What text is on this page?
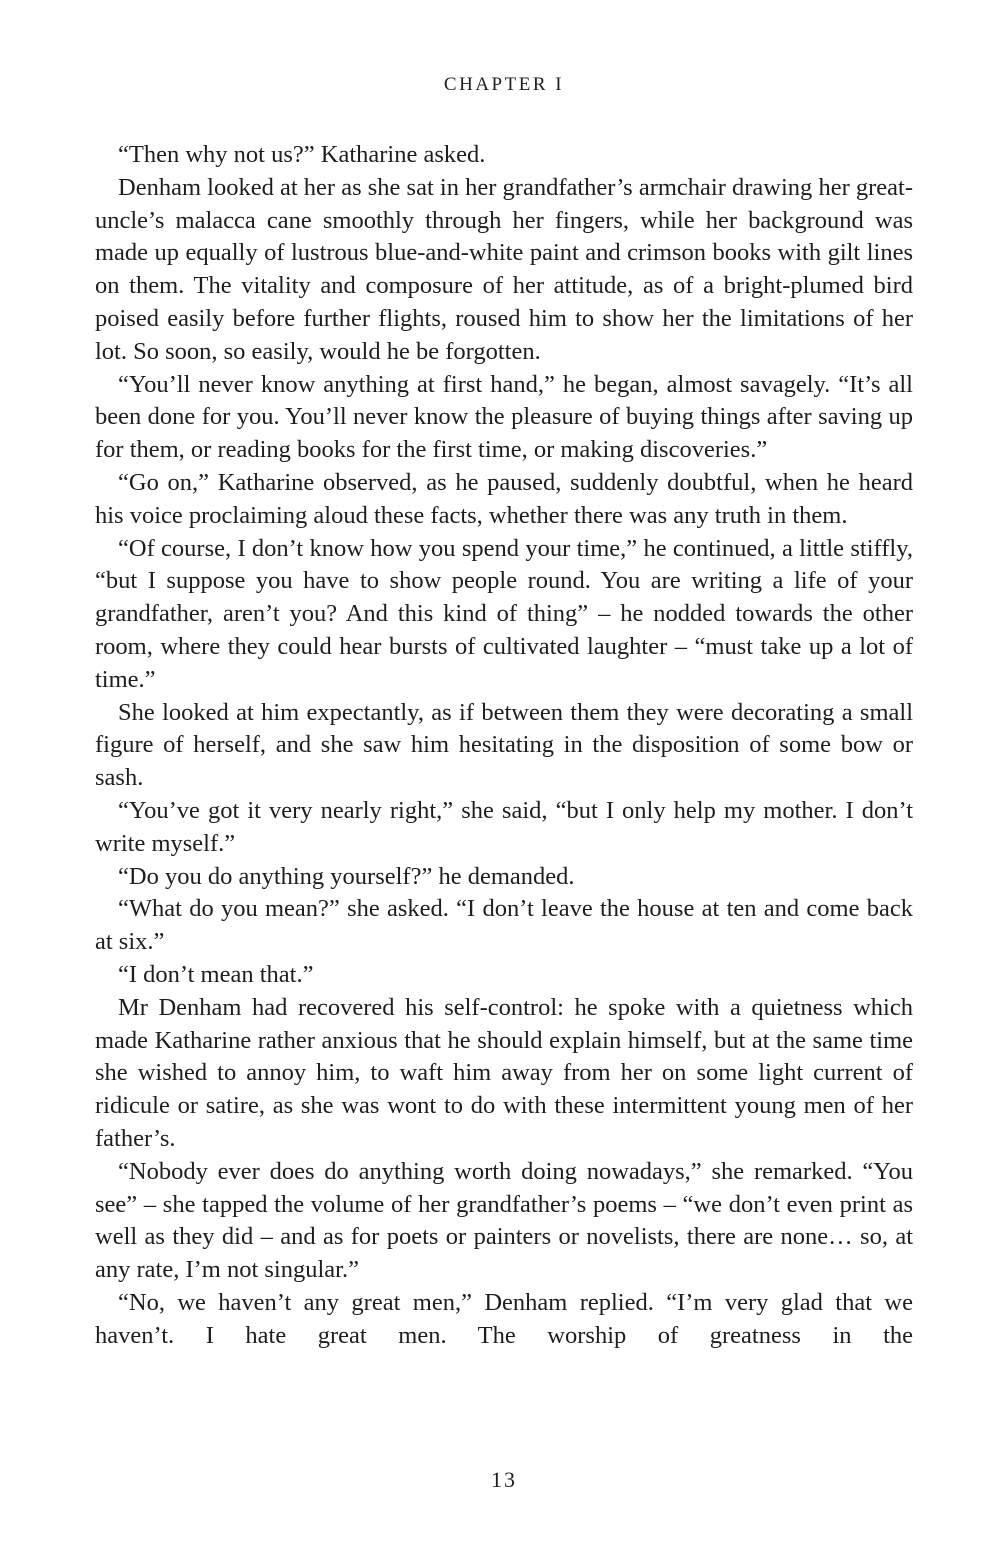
CHAPTER I

“Then why not us?” Katharine asked.

Denham looked at her as she sat in her grandfather’s armchair drawing her great-uncle’s malacca cane smoothly through her fingers, while her background was made up equally of lustrous blue-and-white paint and crimson books with gilt lines on them. The vitality and composure of her attitude, as of a bright-plumed bird poised easily before further flights, roused him to show her the limitations of her lot. So soon, so easily, would he be forgotten.

“You’ll never know anything at first hand,” he began, almost savagely. “It’s all been done for you. You’ll never know the pleasure of buying things after saving up for them, or reading books for the first time, or making discoveries.”

“Go on,” Katharine observed, as he paused, suddenly doubtful, when he heard his voice proclaiming aloud these facts, whether there was any truth in them.

“Of course, I don’t know how you spend your time,” he continued, a little stiffly, “but I suppose you have to show people round. You are writing a life of your grandfather, aren’t you? And this kind of thing” – he nodded towards the other room, where they could hear bursts of cultivated laughter – “must take up a lot of time.”

She looked at him expectantly, as if between them they were decorating a small figure of herself, and she saw him hesitating in the disposition of some bow or sash.

“You’ve got it very nearly right,” she said, “but I only help my mother. I don’t write myself.”

“Do you do anything yourself?” he demanded.

“What do you mean?” she asked. “I don’t leave the house at ten and come back at six.”

“I don’t mean that.”

Mr Denham had recovered his self-control: he spoke with a quietness which made Katharine rather anxious that he should explain himself, but at the same time she wished to annoy him, to waft him away from her on some light current of ridicule or satire, as she was wont to do with these intermittent young men of her father’s.

“Nobody ever does do anything worth doing nowadays,” she remarked. “You see” – she tapped the volume of her grandfather’s poems – “we don’t even print as well as they did – and as for poets or painters or novelists, there are none… so, at any rate, I’m not singular.”

“No, we haven’t any great men,” Denham replied. “I’m very glad that we haven’t. I hate great men. The worship of greatness in the

13
